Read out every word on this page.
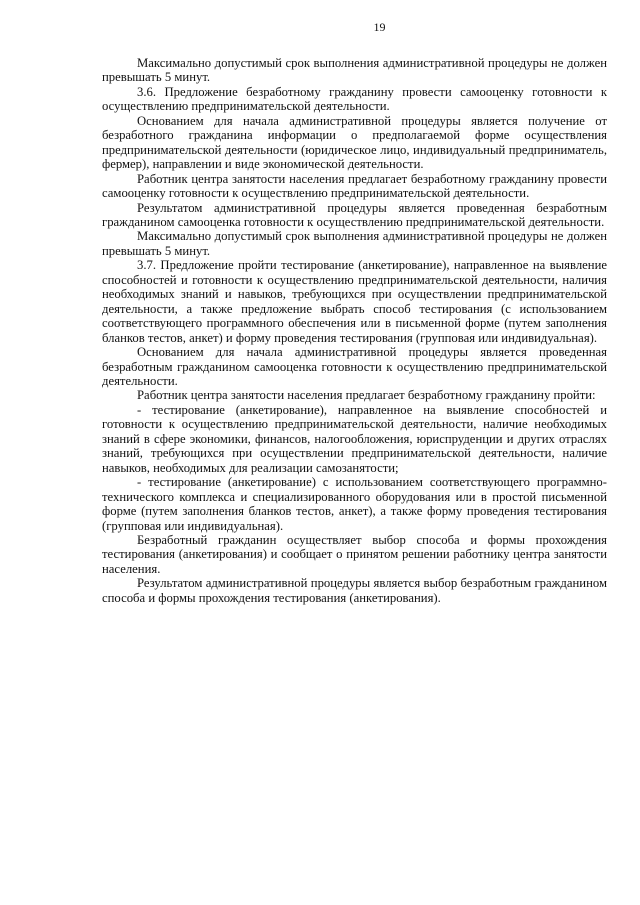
19

Максимально допустимый срок выполнения административной процедуры не должен превышать 5 минут.

3.6. Предложение безработному гражданину провести самооценку готовности к осуществлению предпринимательской деятельности.

Основанием для начала административной процедуры является получение от безработного гражданина информации о предполагаемой форме осуществления предпринимательской деятельности (юридическое лицо, индивидуальный предприниматель, фермер), направлении и виде экономической деятельности.

Работник центра занятости населения предлагает безработному гражданину провести самооценку готовности к осуществлению предпринимательской деятельности.

Результатом административной процедуры является проведенная безработным гражданином самооценка готовности к осуществлению предпринимательской деятельности.

Максимально допустимый срок выполнения административной процедуры не должен превышать 5 минут.

3.7. Предложение пройти тестирование (анкетирование), направленное на выявление способностей и готовности к осуществлению предпринимательской деятельности, наличия необходимых знаний и навыков, требующихся при осуществлении предпринимательской деятельности, а также предложение выбрать способ тестирования (с использованием соответствующего программного обеспечения или в письменной форме (путем заполнения бланков тестов, анкет) и форму проведения тестирования (групповая или индивидуальная).

Основанием для начала административной процедуры является проведенная безработным гражданином самооценка готовности к осуществлению предпринимательской деятельности.

Работник центра занятости населения предлагает безработному гражданину пройти:

- тестирование (анкетирование), направленное на выявление способностей и готовности к осуществлению предпринимательской деятельности, наличие необходимых знаний в сфере экономики, финансов, налогообложения, юриспруденции и других отраслях знаний, требующихся при осуществлении предпринимательской деятельности, наличие навыков, необходимых для реализации самозанятости;

- тестирование (анкетирование) с использованием соответствующего программно-технического комплекса и специализированного оборудования или в простой письменной форме (путем заполнения бланков тестов, анкет), а также форму проведения тестирования (групповая или индивидуальная).

Безработный гражданин осуществляет выбор способа и формы прохождения тестирования (анкетирования) и сообщает о принятом решении работнику центра занятости населения.

Результатом административной процедуры является выбор безработным гражданином способа и формы прохождения тестирования (анкетирования).
